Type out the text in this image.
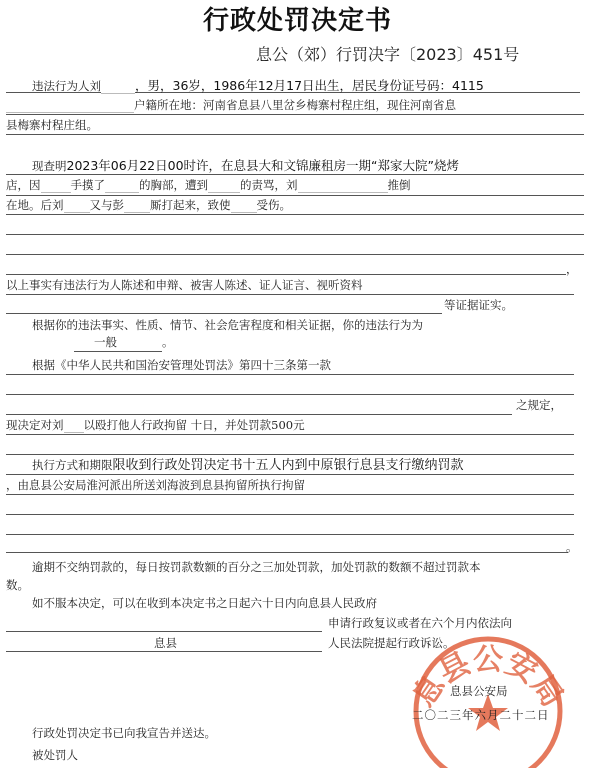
行政处罚决定书
息公（郊）行罚决字〔2023〕451号
违法行为人刘	，男，36岁，1986年12月17日出生，居民身份证号码：4115
户籍所在地：河南省息县八里岔乡梅寨村程庄组，现住河南省息
县梅寨村程庄组。
现查明2023年06月22日00时许，在息县大和文锦廉租房一期“郑家大院”烧烤
店，因	手摸了	的胸部，遭到	的责骂，刘	推倒
在地。后刘 又与彭 厮打起来，致使 受伤。
，
以上事实有违法行为人陈述和申辩、被害人陈述、证人证言、视听资料
等证据证实。
根据你的违法事实、性质、情节、社会危害程度和相关证据，你的违法行为为
一般	。
根据《中华人民共和国治安管理处罚法》第四十三条第一款
之规定，
现决定对刘 以殴打他人行政拘留 十日，并处罚款500元
执行方式和期限限收到行政处罚决定书十五人内到中原银行息县支行缴纳罚款
，由息县公安局淮河派出所送刘海波到息县拘留所执行拘留
。
逾期不交纳罚款的，每日按罚款数额的百分之三加处罚款，加处罚款的数额不超过罚款本
数。
如不服本决定，可以在收到本决定书之日起六十日内向息县人民政府
申请行政复议或者在六个月内依法向
息县	人民法院提起行政诉讼。
息县公安局
息县公安局
二〇二三年六月二十二日
行政处罚决定书已向我宣告并送达。
被处罚人
